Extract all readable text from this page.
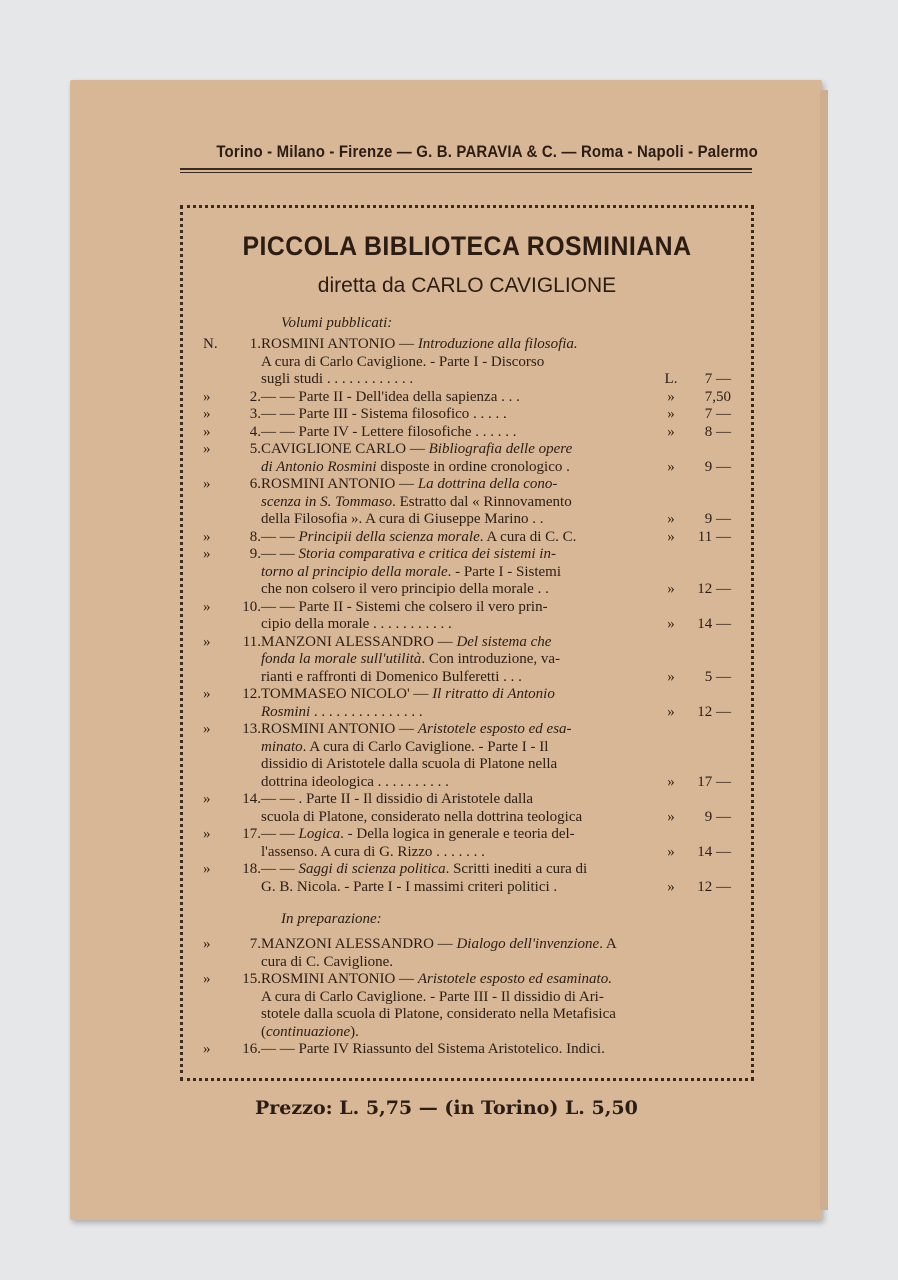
Torino - Milano - Firenze — G. B. PARAVIA & C. — Roma - Napoli - Palermo
PICCOLA BIBLIOTECA ROSMINIANA
diretta da CARLO CAVIGLIONE
Volumi pubblicati:
N.	1. ROSMINI ANTONIO — Introduzione alla filosofia.
A cura di Carlo Caviglione. - Parte I - Discorso
sugli studi . . . . . . . . . . . .	L.	7 —
»	2. — — Parte II - Dell'idea della sapienza . . .	»	7,50
»	3. — — Parte III - Sistema filosofico . . . . .	»	7 —
»	4. — — Parte IV - Lettere filosofiche . . . . . .	»	8 —
»	5. CAVIGLIONE CARLO — Bibliografia delle opere
di Antonio Rosmini disposte in ordine cronologico .	»	9 —
»	6. ROSMINI ANTONIO — La dottrina della cono-
scenza in S. Tommaso. Estratto dal « Rinnovamento
della Filosofia ». A cura di Giuseppe Marino . .	»	9 —
»	8. — — Principii della scienza morale. A cura di C. C.	»	11 —
»	9. — — Storia comparativa e critica dei sistemi in-
torno al principio della morale. - Parte I - Sistemi
che non colsero il vero principio della morale . .	»	12 —
»	10. — — Parte II - Sistemi che colsero il vero prin-
cipio della morale . . . . . . . . . . .	»	14 —
»	11. MANZONI ALESSANDRO — Del sistema che
fonda la morale sull'utilità. Con introduzione, va-
rianti e raffronti di Domenico Bulferetti . . .	»	5 —
»	12. TOMMASEO NICOLO' — Il ritratto di Antonio
Rosmini . . . . . . . . . . . . . . .	»	12 —
»	13. ROSMINI ANTONIO — Aristotele esposto ed esa-
minato. A cura di Carlo Caviglione. - Parte I - Il
dissidio di Aristotele dalla scuola di Platone nella
dottrina ideologica . . . . . . . . . .	»	17 —
»	14. — — . Parte II - Il dissidio di Aristotele dalla
scuola di Platone, considerato nella dottrina teologica	»	9 —
»	17. — — Logica. - Della logica in generale e teoria del-
l'assenso. A cura di G. Rizzo . . . . . . .	»	14 —
»	18. — — Saggi di scienza politica. Scritti inediti a cura di
G. B. Nicola. - Parte I - I massimi criteri politici .	»	12 —
In preparazione:
»	7. MANZONI ALESSANDRO — Dialogo dell'invenzione. A
cura di C. Caviglione.
»	15. ROSMINI ANTONIO — Aristotele esposto ed esaminato.
A cura di Carlo Caviglione. - Parte III - Il dissidio di Ari-
stotele dalla scuola di Platone, considerato nella Metafisica
(continuazione).
»	16. — — Parte IV Riassunto del Sistema Aristotelico. Indici.
Prezzo: L. 5,75 — (in Torino) L. 5,50
